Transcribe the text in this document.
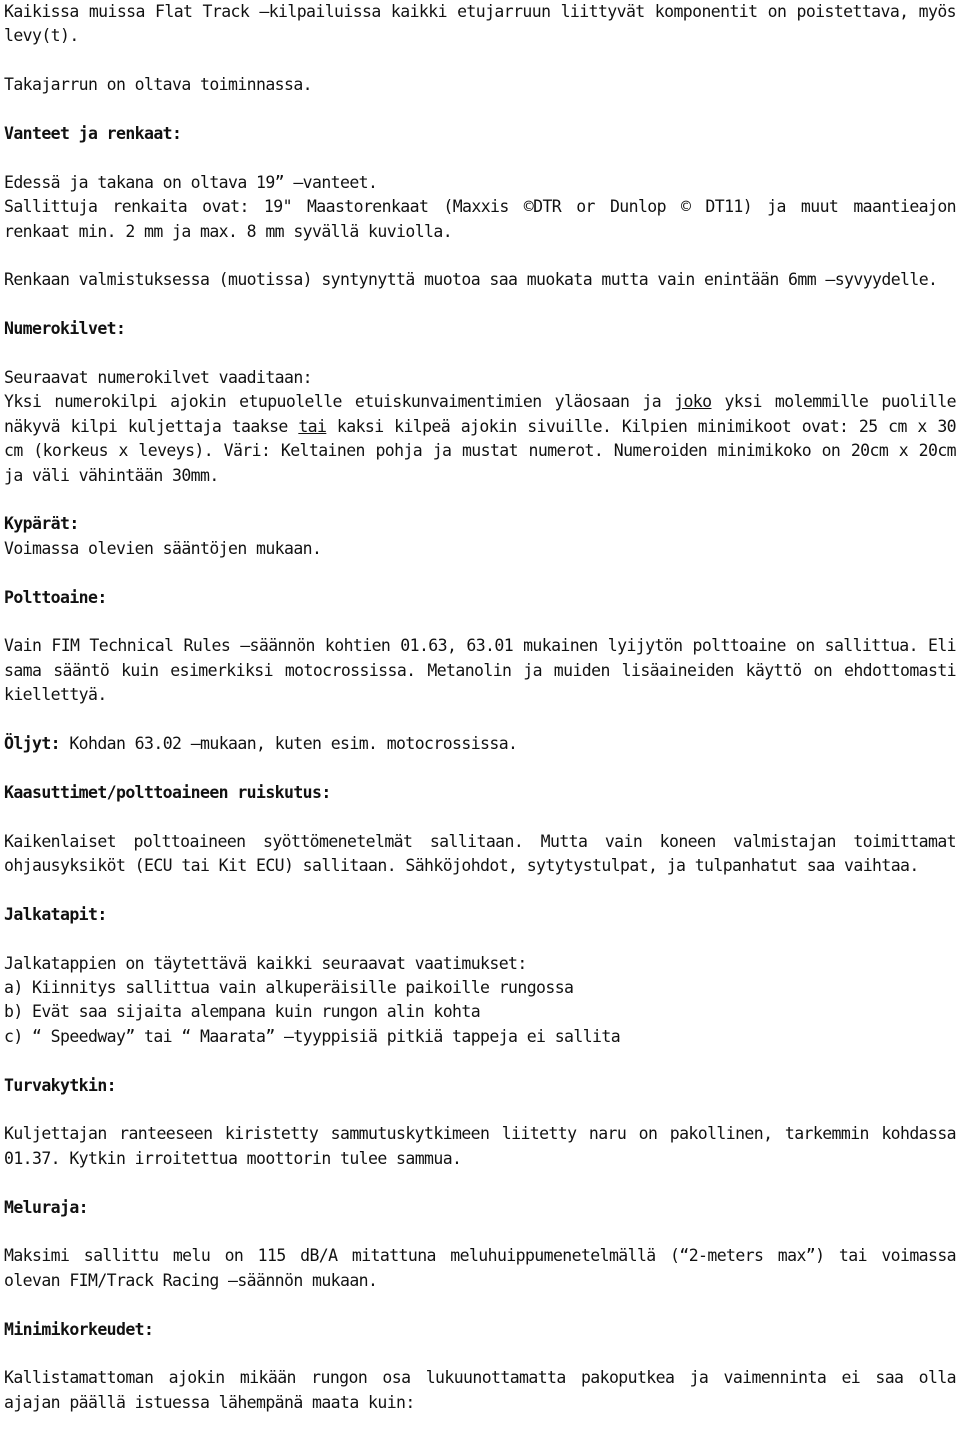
Kaikissa muissa Flat Track –kilpailuissa kaikki etujarruun liittyvät komponentit on poistettava, myös levy(t).

Takajarrun on oltava toiminnassa.

Vanteet ja renkaat:

Edessä ja takana on oltava 19” –vanteet.

Sallittuja renkaita ovat: 19" Maastorenkaat (Maxxis ©DTR or Dunlop © DT11) ja muut maantieajon renkaat min. 2 mm ja max. 8 mm syvällä kuviolla.

Renkaan valmistuksessa (muotissa) syntynyttä muotoa saa muokata mutta vain enintään 6mm –syvyydelle.

Numerokilvet:

Seuraavat numerokilvet vaaditaan:

Yksi numerokilpi ajokin etupuolelle etuiskunvaimentimien yläosaan ja joko yksi molemmille puolille näkyvä kilpi kuljettaja taakse tai kaksi kilpeä ajokin sivuille. Kilpien minimikoot ovat: 25 cm x 30 cm (korkeus x leveys). Väri: Keltainen pohja ja mustat numerot. Numeroiden minimikoko on 20cm x 20cm ja väli vähintään 30mm.

Kypärät:

Voimassa olevien sääntöjen mukaan.

Polttoaine:

Vain FIM Technical Rules –säännön kohtien 01.63, 63.01 mukainen lyijytön polttoaine on sallittua. Eli sama sääntö kuin esimerkiksi motocrossissa. Metanolin ja muiden lisäaineiden käyttö on ehdottomasti kiellettyä.

Öljyt: Kohdan 63.02 –mukaan, kuten esim. motocrossissa.

Kaasuttimet/polttoaineen ruiskutus:

Kaikenlaiset polttoaineen syöttömenetelmät sallitaan. Mutta vain koneen valmistajan toimittamat ohjausyksiköt (ECU tai Kit ECU) sallitaan. Sähköjohdot, sytytystulpat, ja tulpanhatut saa vaihtaa.

Jalkatapit:

Jalkatappien on täytettävä kaikki seuraavat vaatimukset:

a) Kiinnitys sallittua vain alkuperäisille paikoille rungossa

b) Evät saa sijaita alempana kuin rungon alin kohta

c) “ Speedway” tai “ Maarata” –tyyppisiä pitkiä tappeja ei sallita

Turvakytkin:

Kuljettajan ranteeseen kiristetty sammutuskytkimeen liitetty naru on pakollinen, tarkemmin kohdassa 01.37. Kytkin irroitettua moottorin tulee sammua.

Meluraja:

Maksimi sallittu melu on 115 dB/A mitattuna meluhuippumenetelmällä (“2-meters max”) tai voimassa olevan FIM/Track Racing –säännön mukaan.

Minimikorkeudet:

Kallistamattoman ajokin mikään rungon osa lukuunottamatta pakoputkea ja vaimenninta ei saa olla ajajan päällä istuessa lähempänä maata kuin:
